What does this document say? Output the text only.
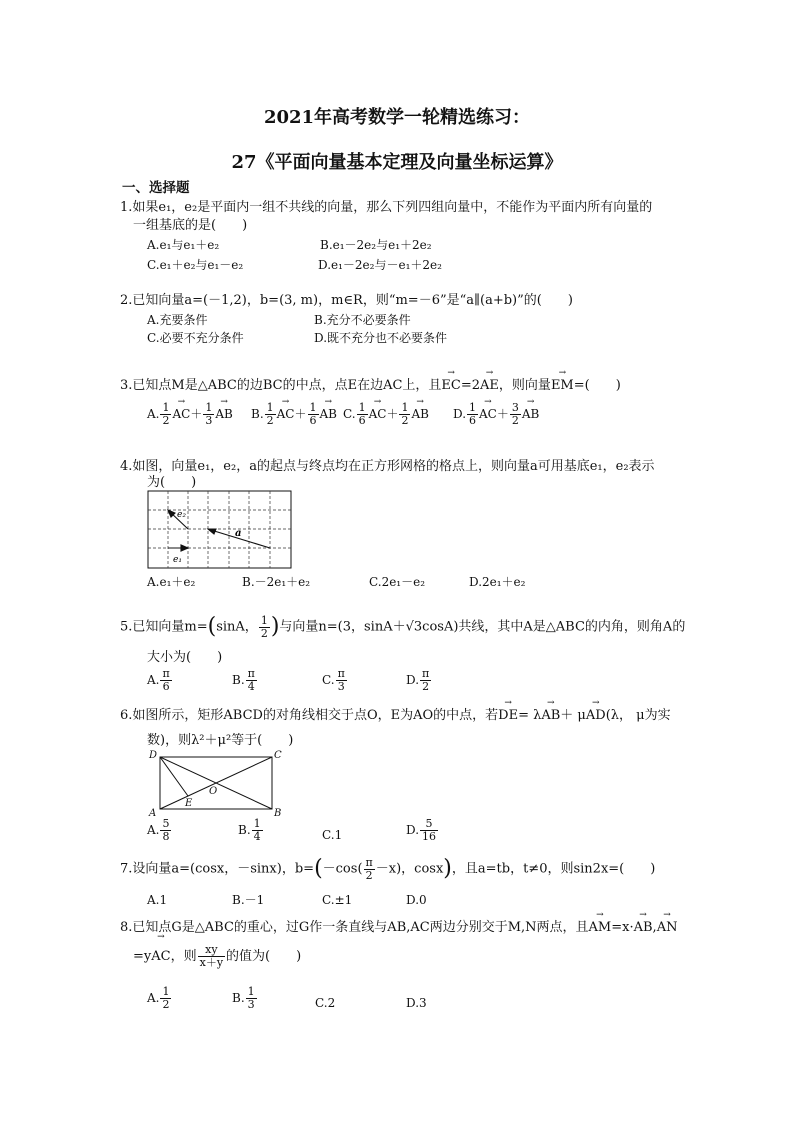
2021年高考数学一轮精选练习：
27《平面向量基本定理及向量坐标运算》
一、选择题
1.如果e₁，e₂是平面内一组不共线的向量，那么下列四组向量中，不能作为平面内所有向量的
一组基底的是(　　)
A.e₁与e₁＋e₂	B.e₁－2e₂与e₁＋2e₂
C.e₁＋e₂与e₁－e₂	D.e₁－2e₂与－e₁＋2e₂
2.已知向量a=(－1,2)，b=(3, m)，m∈R，则“m=－6”是“a∥(a+b)”的(　　)
A.充要条件	B.充分不必要条件
C.必要不充分条件	D.既不充分也不必要条件
3.已知点M是△ABC的边BC的中点，点E在边AC上，且→ EC=2→ AE，则向量→ EM=(　　)
A. $\frac{1}{2}$
→ $AC+ \frac{1}{3}$
→ AB B. $\frac{1}{2}$
→ $AC+ \frac{1}{6}$
→ AB C. $\frac{1}{6}$
→ $AC+ \frac{1}{2}$
→ AB D. $\frac{1}{6}$
→ $AC+ \frac{3}{2}$
→ AB
4.如图，向量e₁，e₂，a的起点与终点均在正方形网格的格点上，则向量a可用基底e₁，e₂表示
为(　　)
e₂
e₁
a
A.e₁＋e₂	B.－2e₁＋e₂	C.2e₁－e₂	D.2e₁＋e₂
5.已知向量m=(sinA， $\frac{1}{2}$ )与向量n=(3，sinA＋√3cosA)共线，其中A是△ABC的内角，则角A的
大小为(　　)
A. $\frac{\pi}{6}$	B. $\frac{\pi}{4}$	C. $\frac{\pi}{3}$	D. $\frac{\pi}{2}$
6.如图所示，矩形ABCD的对角线相交于点O，E为AO的中点，若→ DE= λ→ AB＋ μ→ AD(λ， μ为实
数)，则λ²＋μ²等于(　　)
D	C
A	B
E
O
A. $\frac{5}{8}$	B. $\frac{1}{4}$	C.1	D. $\frac{5}{16}$
7.设向量a=(cosx，－sinx)，$b=(-\cos( \frac{\pi}{2} -x)$，cosx)，且a=tb，t≠0，则sin2x=(　　)
A.1	B.－1	C.±1	D.0
8.已知点G是△ABC的重心，过G作一条直线与AB,AC两边分别交于M,N两点，且→ AM=x·→ AB,→ AN
=y→ AC，则 $\frac{xy}{x+y}$ 的值为(　　)
A. $\frac{1}{2}$	B. $\frac{1}{3}$	C.2	D.3
